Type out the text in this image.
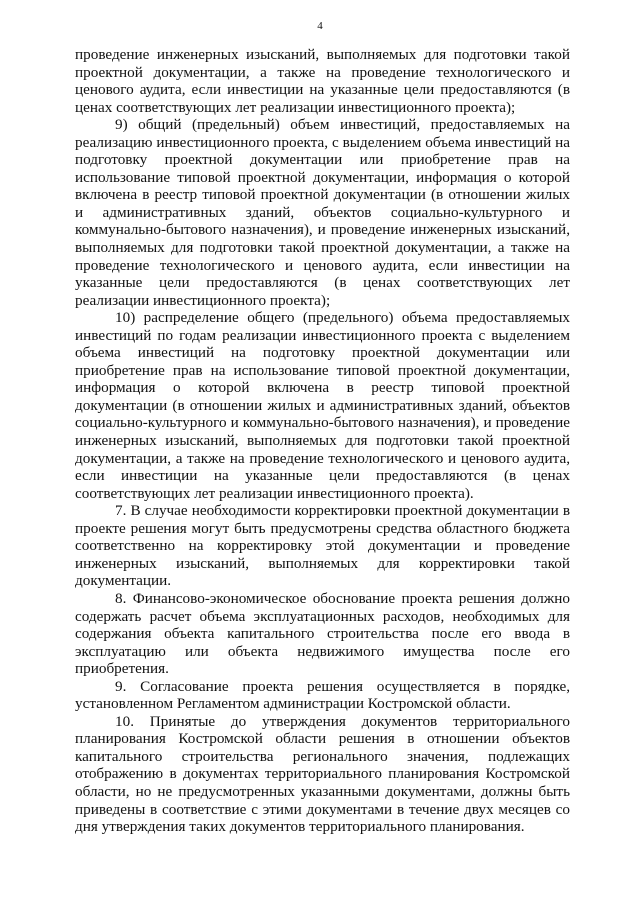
4

проведение инженерных изысканий, выполняемых для подготовки такой проектной документации, а также на проведение технологического и ценового аудита, если инвестиции на указанные цели предоставляются (в ценах соответствующих лет реализации инвестиционного проекта);

9) общий (предельный) объем инвестиций, предоставляемых на реализацию инвестиционного проекта, с выделением объема инвестиций на подготовку проектной документации или приобретение прав на использование типовой проектной документации, информация о которой включена в реестр типовой проектной документации (в отношении жилых и административных зданий, объектов социально-культурного и коммунально-бытового назначения), и проведение инженерных изысканий, выполняемых для подготовки такой проектной документации, а также на проведение технологического и ценового аудита, если инвестиции на указанные цели предоставляются (в ценах соответствующих лет реализации инвестиционного проекта);

10) распределение общего (предельного) объема предоставляемых инвестиций по годам реализации инвестиционного проекта с выделением объема инвестиций на подготовку проектной документации или приобретение прав на использование типовой проектной документации, информация о которой включена в реестр типовой проектной документации (в отношении жилых и административных зданий, объектов социально-культурного и коммунально-бытового назначения), и проведение инженерных изысканий, выполняемых для подготовки такой проектной документации, а также на проведение технологического и ценового аудита, если инвестиции на указанные цели предоставляются (в ценах соответствующих лет реализации инвестиционного проекта).

7. В случае необходимости корректировки проектной документации в проекте решения могут быть предусмотрены средства областного бюджета соответственно на корректировку этой документации и проведение инженерных изысканий, выполняемых для корректировки такой документации.

8. Финансово-экономическое обоснование проекта решения должно содержать расчет объема эксплуатационных расходов, необходимых для содержания объекта капитального строительства после его ввода в эксплуатацию или объекта недвижимого имущества после его приобретения.

9. Согласование проекта решения осуществляется в порядке, установленном Регламентом администрации Костромской области.

10. Принятые до утверждения документов территориального планирования Костромской области решения в отношении объектов капитального строительства регионального значения, подлежащих отображению в документах территориального планирования Костромской области, но не предусмотренных указанными документами, должны быть приведены в соответствие с этими документами в течение двух месяцев со дня утверждения таких документов территориального планирования.
